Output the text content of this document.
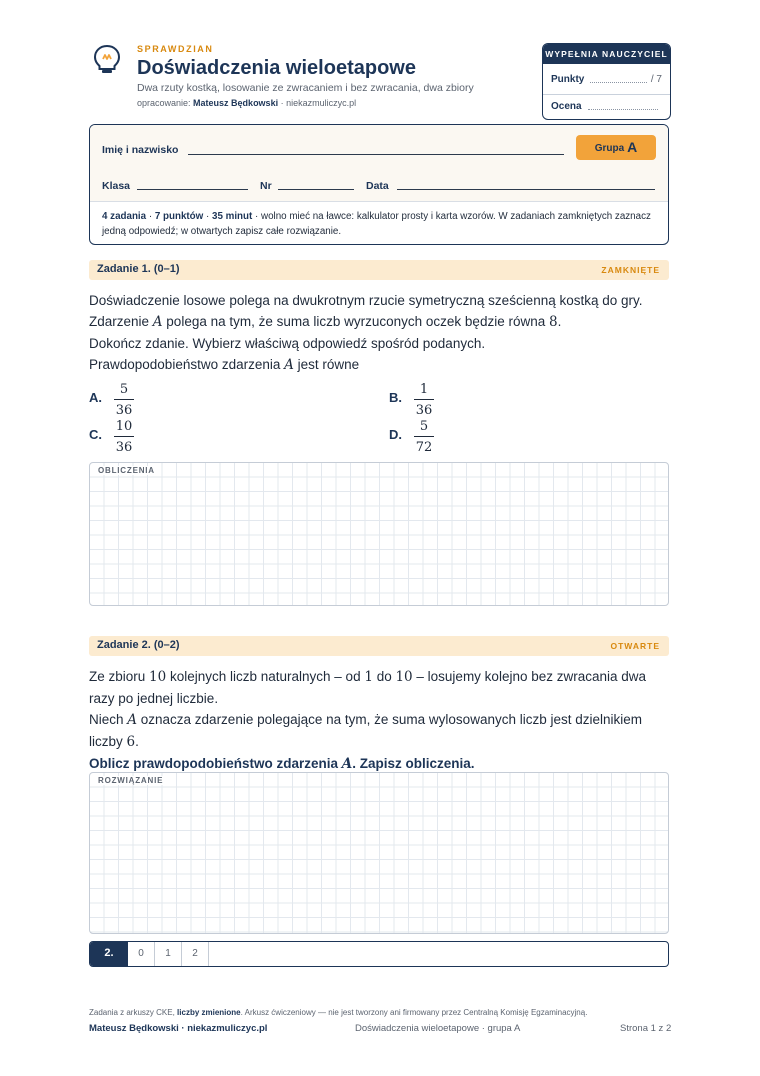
SPRAWDZIAN
Doświadczenia wieloetapowe
Dwa rzuty kostką, losowanie ze zwracaniem i bez zwracania, dwa zbiory
opracowanie: Mateusz Będkowski · niekazmuliczyc.pl
WYPEŁNIA NAUCZYCIEL
Punkty	/ 7
Ocena
Imię i nazwisko	Grupa A
Klasa	Nr	Data
4 zadania · 7 punktów · 35 minut · wolno mieć na ławce: kalkulator prosty i karta wzorów. W zadaniach zamkniętych zaznacz jedną odpowiedź; w otwartych zapisz całe rozwiązanie.
Zadanie 1. (0–1)	ZAMKNIĘTE
Doświadczenie losowe polega na dwukrotnym rzucie symetryczną sześcienną kostką do gry.
Zdarzenie A polega na tym, że suma liczb wyrzuconych oczek będzie równa 8.
Dokończ zdanie. Wybierz właściwą odpowiedź spośród podanych.
Prawdopodobieństwo zdarzenia A jest równe
A.
5
36
B.
1
36
C.
10
36
D.
5
72
OBLICZENIA
Zadanie 2. (0–2)	OTWARTE
Ze zbioru 10 kolejnych liczb naturalnych – od 1 do 10 – losujemy kolejno bez zwracania dwa
razy po jednej liczbie.
Niech A oznacza zdarzenie polegające na tym, że suma wylosowanych liczb jest dzielnikiem
liczby 6.
Oblicz prawdopodobieństwo zdarzenia A. Zapisz obliczenia.
ROZWIĄZANIE
2.	0	1	2
Zadania z arkuszy CKE, liczby zmienione. Arkusz ćwiczeniowy — nie jest tworzony ani firmowany przez Centralną Komisję Egzaminacyjną.
Mateusz Będkowski · niekazmuliczyc.pl	Doświadczenia wieloetapowe · grupa A	Strona 1 z 2
